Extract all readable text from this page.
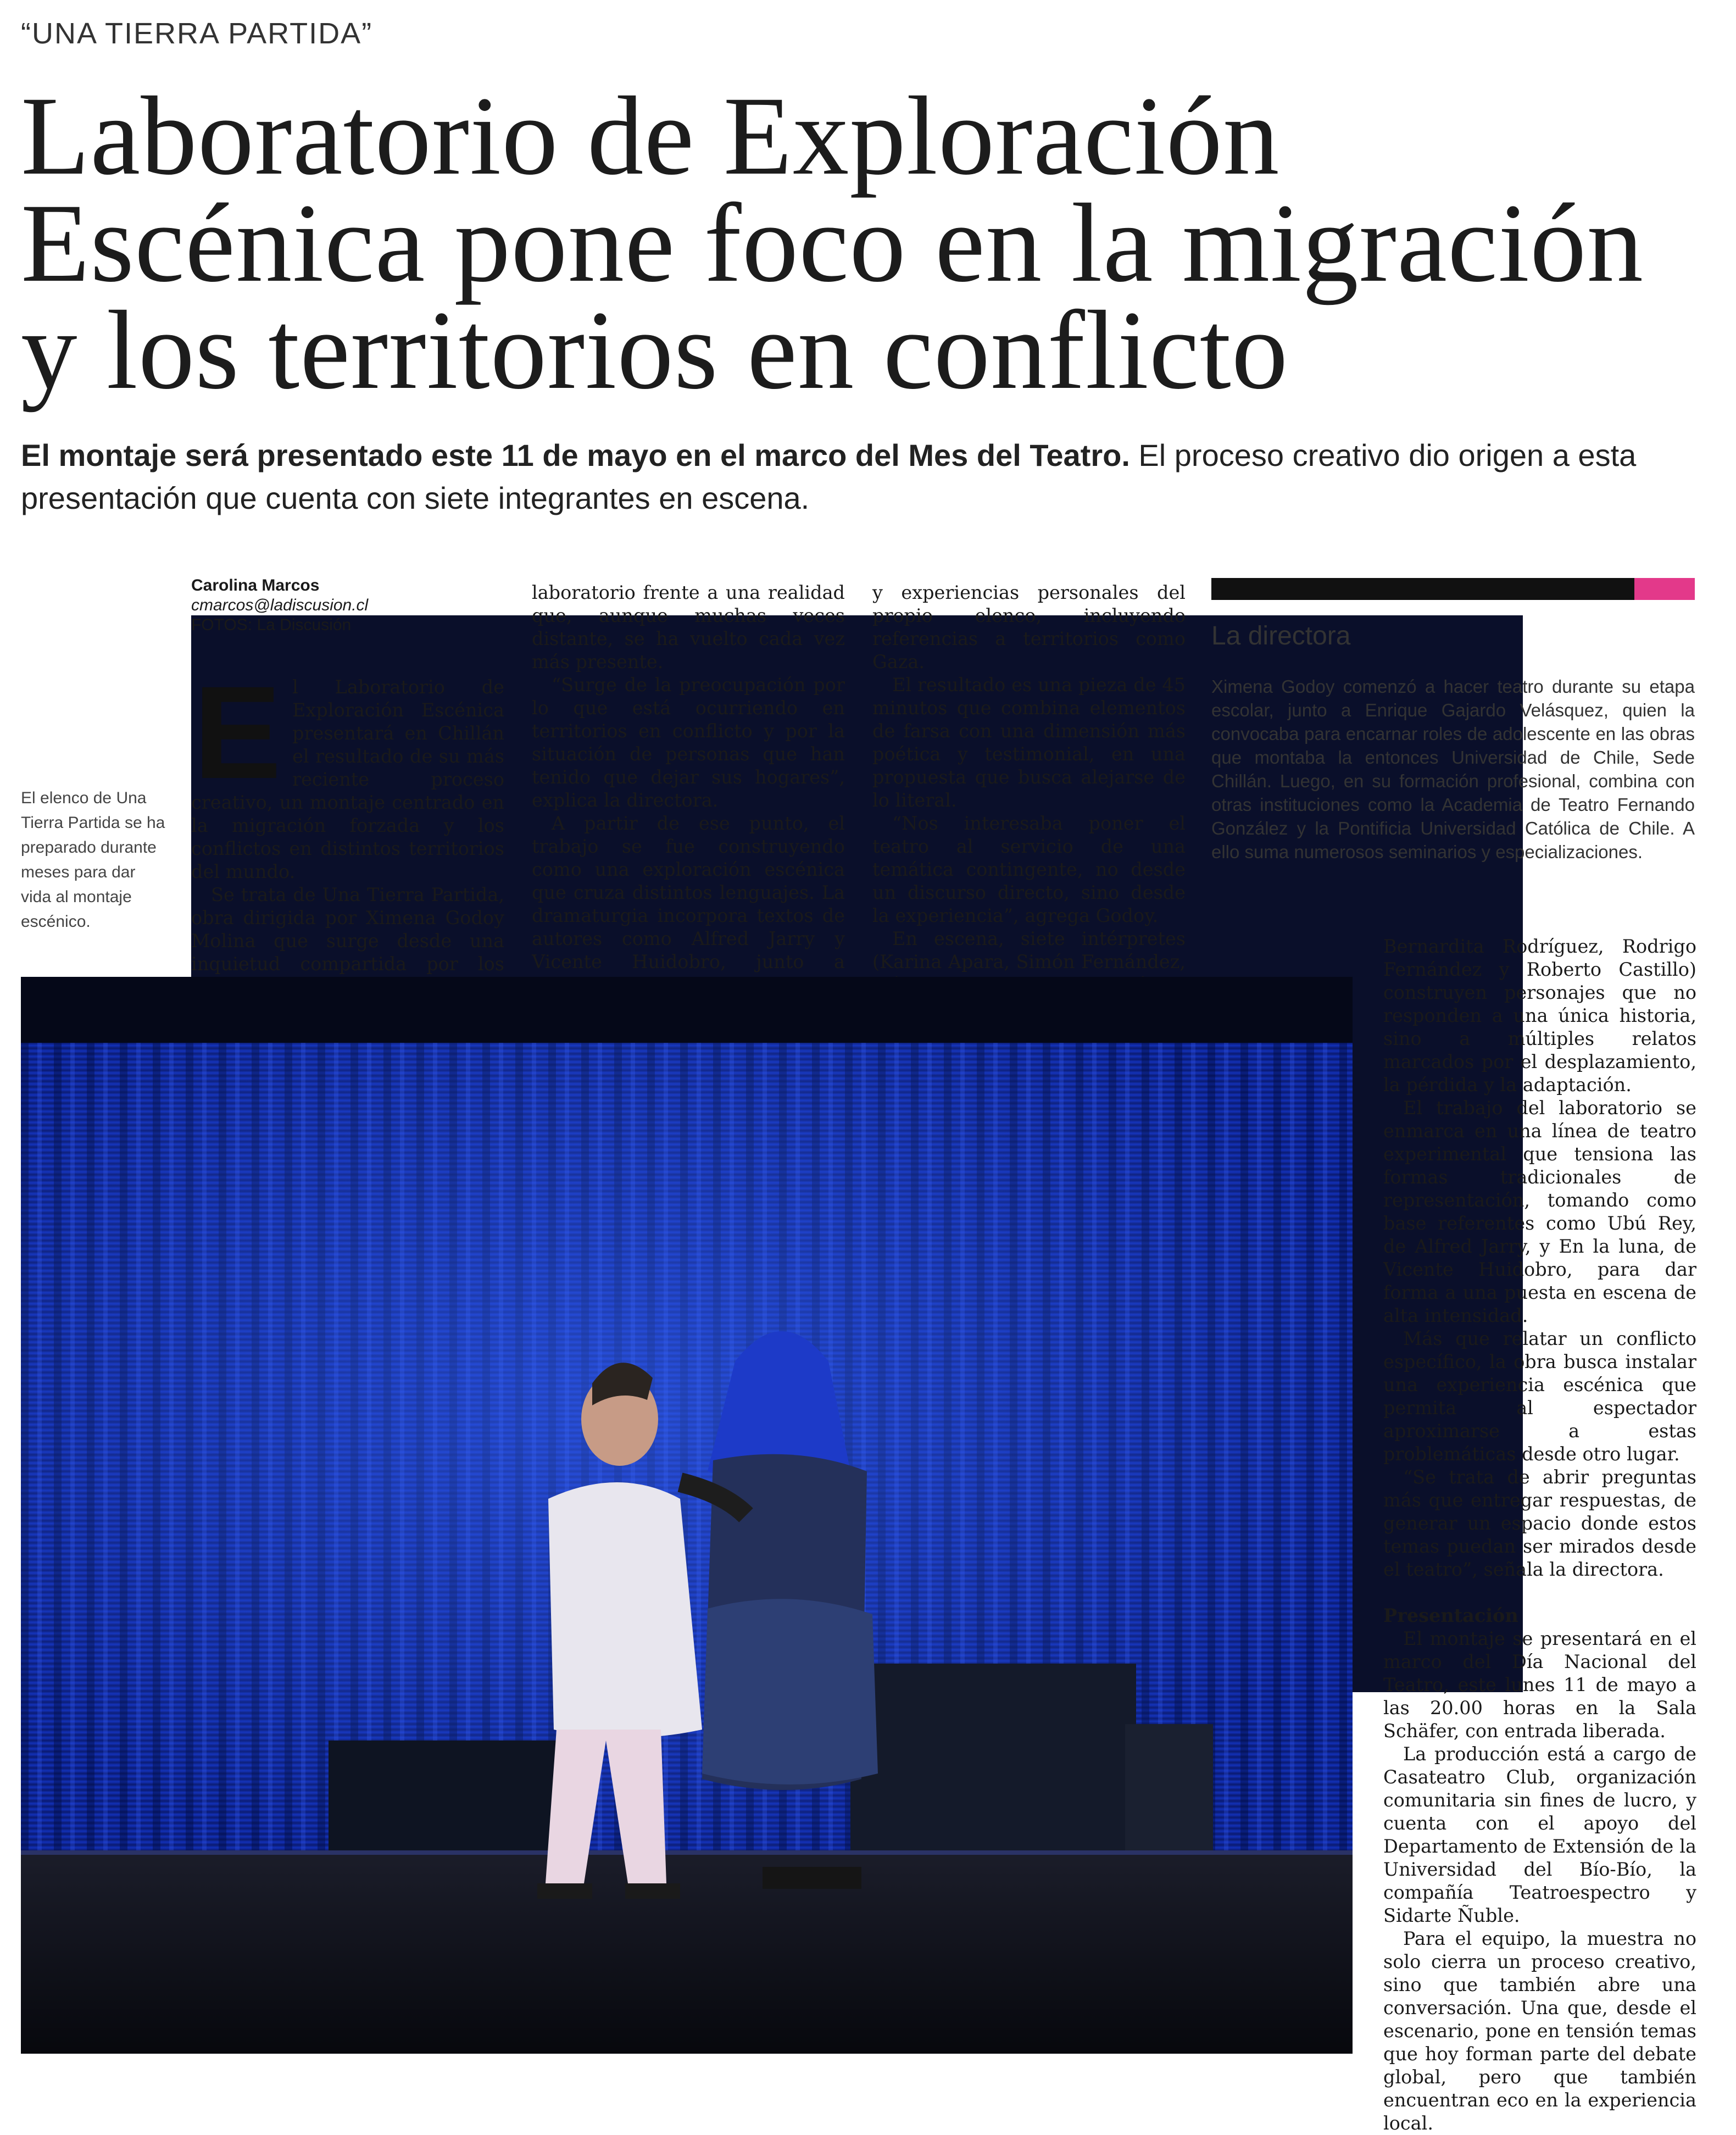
“UNA TIERRA PARTIDA”
Laboratorio de Exploración Escénica pone foco en la migración y los territorios en conflicto
El montaje será presentado este 11 de mayo en el marco del Mes del Teatro. El proceso creativo dio origen a esta presentación que cuenta con siete integrantes en escena.
Carolina Marcos
cmarcos@ladiscusion.cl
FOTOS: La Discusión
El elenco de Una Tierra Partida se ha preparado durante meses para dar vida al montaje escénico.

El Laboratorio de Exploración Escénica presentará en Chillán el resultado de su más reciente proceso creativo, un montaje centrado en la migración forzada y los conflictos en distintos territorios del mundo.

Se trata de Una Tierra Partida, obra dirigida por Ximena Godoy Molina que surge desde una inquietud compartida por los

laboratorio frente a una realidad que, aunque muchas veces distante, se ha vuelto cada vez más presente.

“Surge de la preocupación por lo que está ocurriendo en territorios en conflicto y por la situación de personas que han tenido que dejar sus hogares”, explica la directora.

A partir de ese punto, el trabajo se fue construyendo como una exploración escénica que cruza distintos lenguajes. La dramaturgia incorpora textos de autores como Alfred Jarry y Vicente Huidobro, junto a

y experiencias personales del propio elenco, incluyendo referencias a territorios como Gaza.

El resultado es una pieza de 45 minutos que combina elementos de farsa con una dimensión más poética y testimonial, en una propuesta que busca alejarse de lo literal.

“Nos interesaba poner el teatro al servicio de una temática contingente, no desde un discurso directo, sino desde la experiencia”, agrega Godoy.

En escena, siete intérpretes (Karina Apara, Simón Fernández,

La directora
Ximena Godoy comenzó a hacer teatro durante su etapa escolar, junto a Enrique Gajardo Velásquez, quien la convocaba para encarnar roles de adolescente en las obras que montaba la entonces Universidad de Chile, Sede Chillán. Luego, en su formación profesional, combina con otras instituciones como la Academia de Teatro Fernando González y la Pontificia Universidad Católica de Chile. A ello suma numerosos seminarios y especializaciones.

Bernardita Rodríguez, Rodrigo Fernández y Roberto Castillo) construyen personajes que no responden a una única historia, sino a múltiples relatos marcados por el desplazamiento, la pérdida y la adaptación.

El trabajo del laboratorio se enmarca en una línea de teatro experimental que tensiona las formas tradicionales de representación, tomando como base referentes como Ubú Rey, de Alfred Jarry, y En la luna, de Vicente Huidobro, para dar forma a una puesta en escena de alta intensidad.

Más que relatar un conflicto específico, la obra busca instalar una experiencia escénica que permita al espectador aproximarse a estas problemáticas desde otro lugar.

“Se trata de abrir preguntas más que entregar respuestas, de generar un espacio donde estos temas puedan ser mirados desde el teatro”, señala la directora.

Presentación

El montaje se presentará en el marco del Día Nacional del Teatro, este lunes 11 de mayo a las 20.00 horas en la Sala Schäfer, con entrada liberada.

La producción está a cargo de Casateatro Club, organización comunitaria sin fines de lucro, y cuenta con el apoyo del Departamento de Extensión de la Universidad del Bío-Bío, la compañía Teatroespectro y Sidarte Ñuble.

Para el equipo, la muestra no solo cierra un proceso creativo, sino que también abre una conversación. Una que, desde el escenario, pone en tensión temas que hoy forman parte del debate global, pero que también encuentran eco en la experiencia local.
